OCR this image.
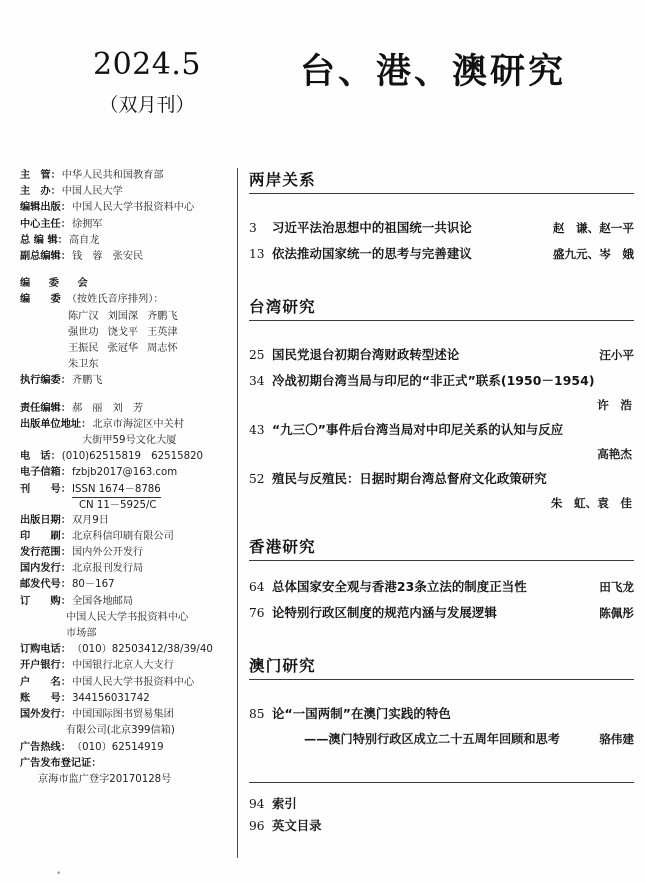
2024.5
（双月刊）
台、港、澳研究
主　管 ： 中华人民共和国教育部
主　办 ： 中国人民大学
编辑出版 ： 中国人民大学书报资料中心
中心主任 ： 徐拥军
总 编 辑 ： 高自龙
副总编辑 ： 钱　蓉　张安民
编 委 会
编　　委 （按姓氏音序排列）：
陈广汉 刘国深 齐鹏飞
强世功 饶戈平 王英津
王振民 张冠华 周志怀
朱卫东
执行编委 ： 齐鹏飞
责任编辑 ： 郝　丽　刘　芳
出版单位地址 ： 北京市海淀区中关村
大街甲59号文化大厦
电　话 ： (010)62515819　62515820
电子信箱 ： fzbjb2017@163.com
刊　　号 ： ISSN 1674－8786
CN 11－5925/C
出版日期 ： 双月9日
印　　刷 ： 北京科信印刷有限公司
发行范围 ： 国内外公开发行
国内发行 ： 北京报刊发行局
邮发代号 ： 80－167
订　　购 ： 全国各地邮局
中国人民大学书报资料中心
市场部
订购电话 ： （010）82503412/38/39/40
开户银行 ： 中国银行北京人大支行
户　　名 ： 中国人民大学书报资料中心
账　　号 ： 344156031742
国外发行 ： 中国国际图书贸易集团
有限公司(北京399信箱)
广告热线 ： （010）62514919
广告发布登记证：
京海市监广登字20170128号
两岸关系
3	习近平法治思想中的祖国统一共识论	赵　谦、赵一平
13 依法推动国家统一的思考与完善建议	盛九元、岑　娥
台湾研究
25 国民党退台初期台湾财政转型述论	汪小平
34 冷战初期台湾当局与印尼的“非正式”联系(1950－1954)
许　浩
43 “九三〇”事件后台湾当局对中印尼关系的认知与反应
高艳杰
52 殖民与反殖民：日据时期台湾总督府文化政策研究
朱　虹、袁　佳
香港研究
64 总体国家安全观与香港23条立法的制度正当性	田飞龙
76 论特别行政区制度的规范内涵与发展逻辑	陈佩彤
澳门研究
85 论“一国两制”在澳门实践的特色
——澳门特别行政区成立二十五周年回顾和思考	骆伟建
94 索引
96 英文目录
•
